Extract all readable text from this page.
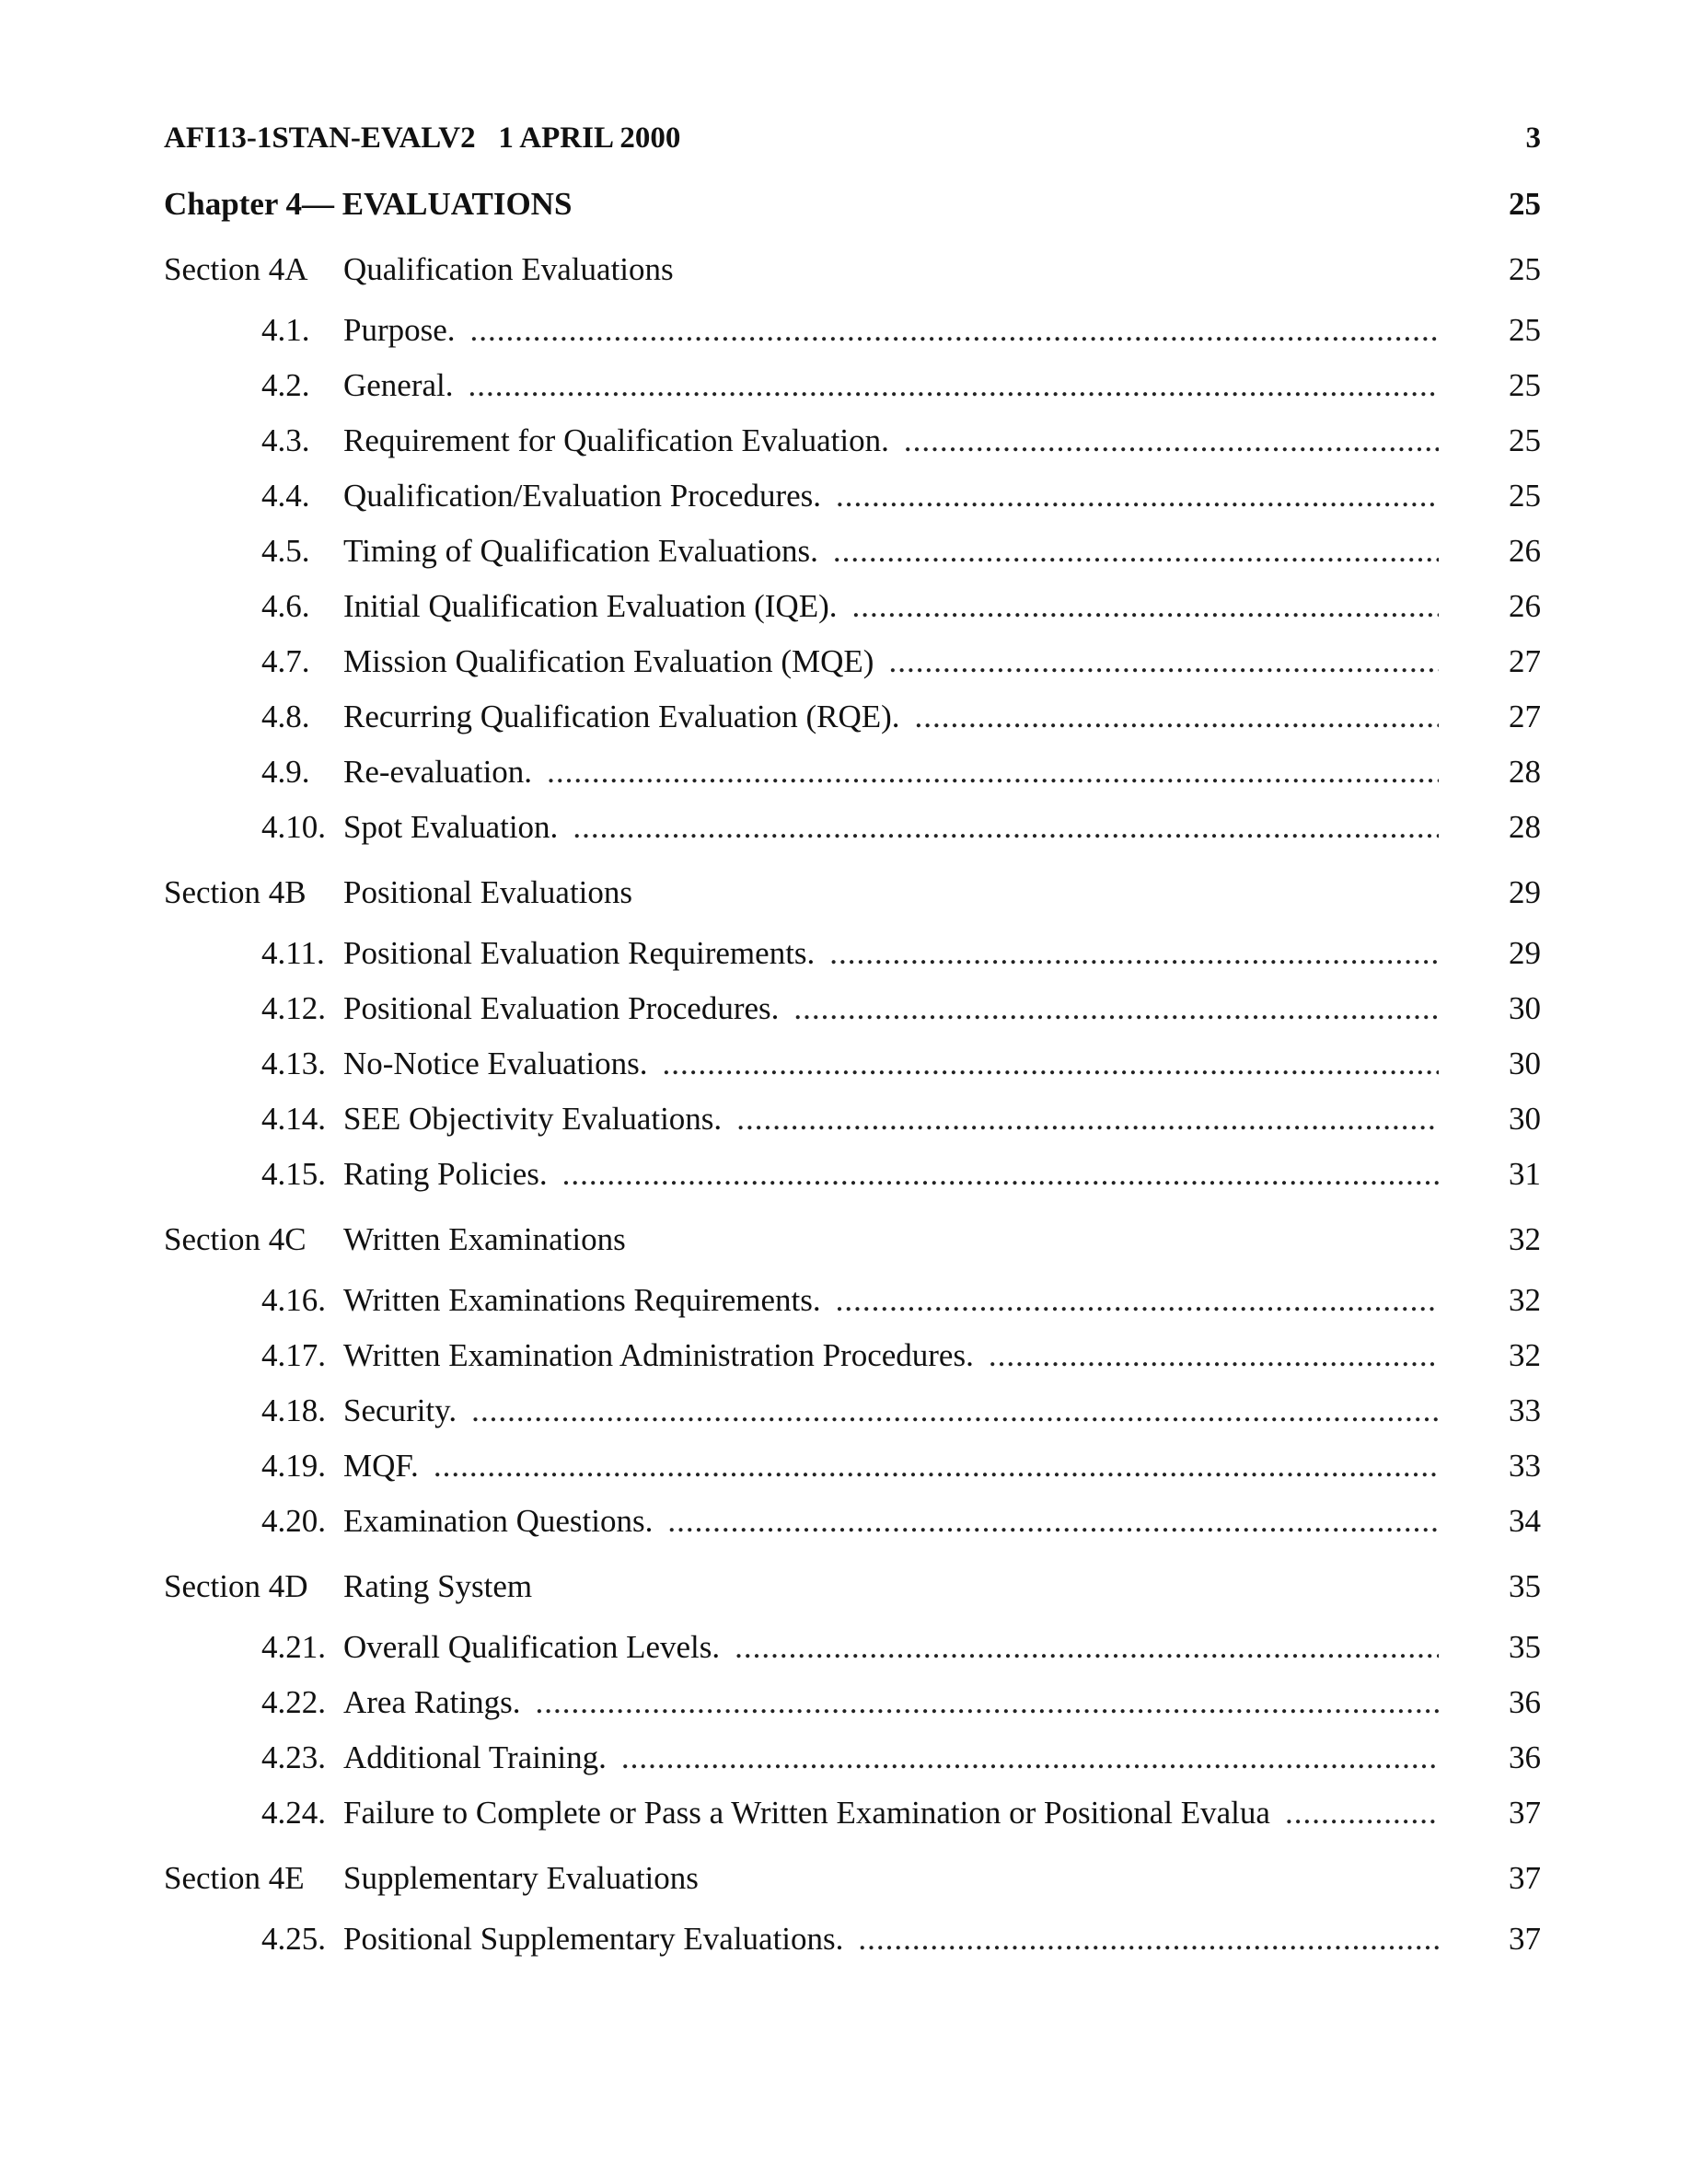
AFI13-1STAN-EVALV2   1 APRIL 2000	3
Chapter 4— EVALUATIONS	25
Section 4A Qualification Evaluations	25
4.1. Purpose. .....	25
4.2. General. .....	25
4.3. Requirement for Qualification Evaluation. .....	25
4.4. Qualification/Evaluation Procedures. .....	25
4.5. Timing of Qualification Evaluations. .....	26
4.6. Initial Qualification Evaluation (IQE). .....	26
4.7. Mission Qualification Evaluation (MQE) .....	27
4.8. Recurring Qualification Evaluation (RQE). .....	27
4.9. Re-evaluation. .....	28
4.10. Spot Evaluation. .....	28
Section 4B Positional Evaluations	29
4.11. Positional Evaluation Requirements. .....	29
4.12. Positional Evaluation Procedures. .....	30
4.13. No-Notice Evaluations. .....	30
4.14. SEE Objectivity Evaluations. .....	30
4.15. Rating Policies. .....	31
Section 4C Written Examinations	32
4.16. Written Examinations Requirements. .....	32
4.17. Written Examination Administration Procedures. .....	32
4.18. Security. .....	33
4.19. MQF. .....	33
4.20. Examination Questions. .....	34
Section 4D Rating System	35
4.21. Overall Qualification Levels. .....	35
4.22. Area Ratings. .....	36
4.23. Additional Training. .....	36
4.24. Failure to Complete or Pass a Written Examination or Positional Evalua .....	37
Section 4E Supplementary Evaluations	37
4.25. Positional Supplementary Evaluations. .....	37
